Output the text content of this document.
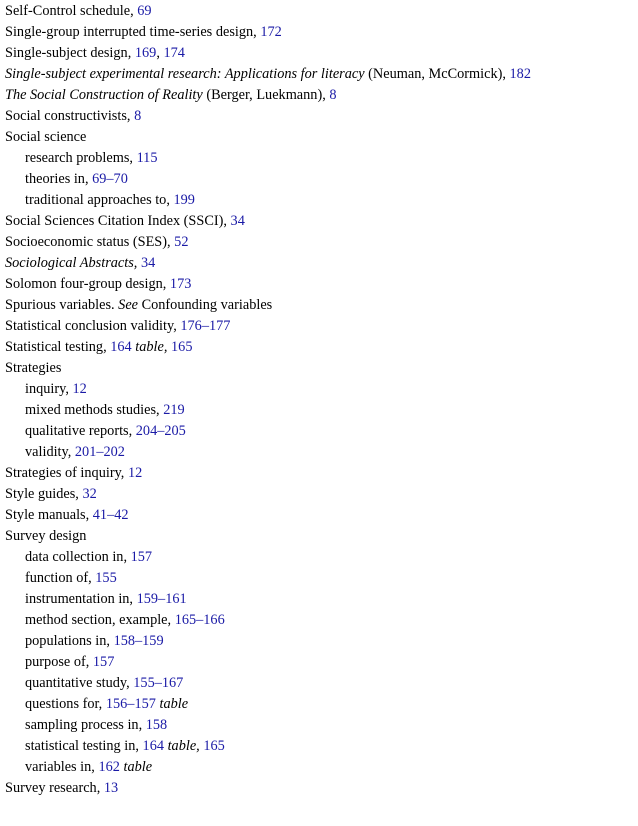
Self-Control schedule, 69
Single-group interrupted time-series design, 172
Single-subject design, 169, 174
Single-subject experimental research: Applications for literacy (Neuman, McCormick), 182
The Social Construction of Reality (Berger, Luekmann), 8
Social constructivists, 8
Social science
research problems, 115
theories in, 69–70
traditional approaches to, 199
Social Sciences Citation Index (SSCI), 34
Socioeconomic status (SES), 52
Sociological Abstracts, 34
Solomon four-group design, 173
Spurious variables. See Confounding variables
Statistical conclusion validity, 176–177
Statistical testing, 164 table, 165
Strategies
inquiry, 12
mixed methods studies, 219
qualitative reports, 204–205
validity, 201–202
Strategies of inquiry, 12
Style guides, 32
Style manuals, 41–42
Survey design
data collection in, 157
function of, 155
instrumentation in, 159–161
method section, example, 165–166
populations in, 158–159
purpose of, 157
quantitative study, 155–167
questions for, 156–157 table
sampling process in, 158
statistical testing in, 164 table, 165
variables in, 162 table
Survey research, 13
